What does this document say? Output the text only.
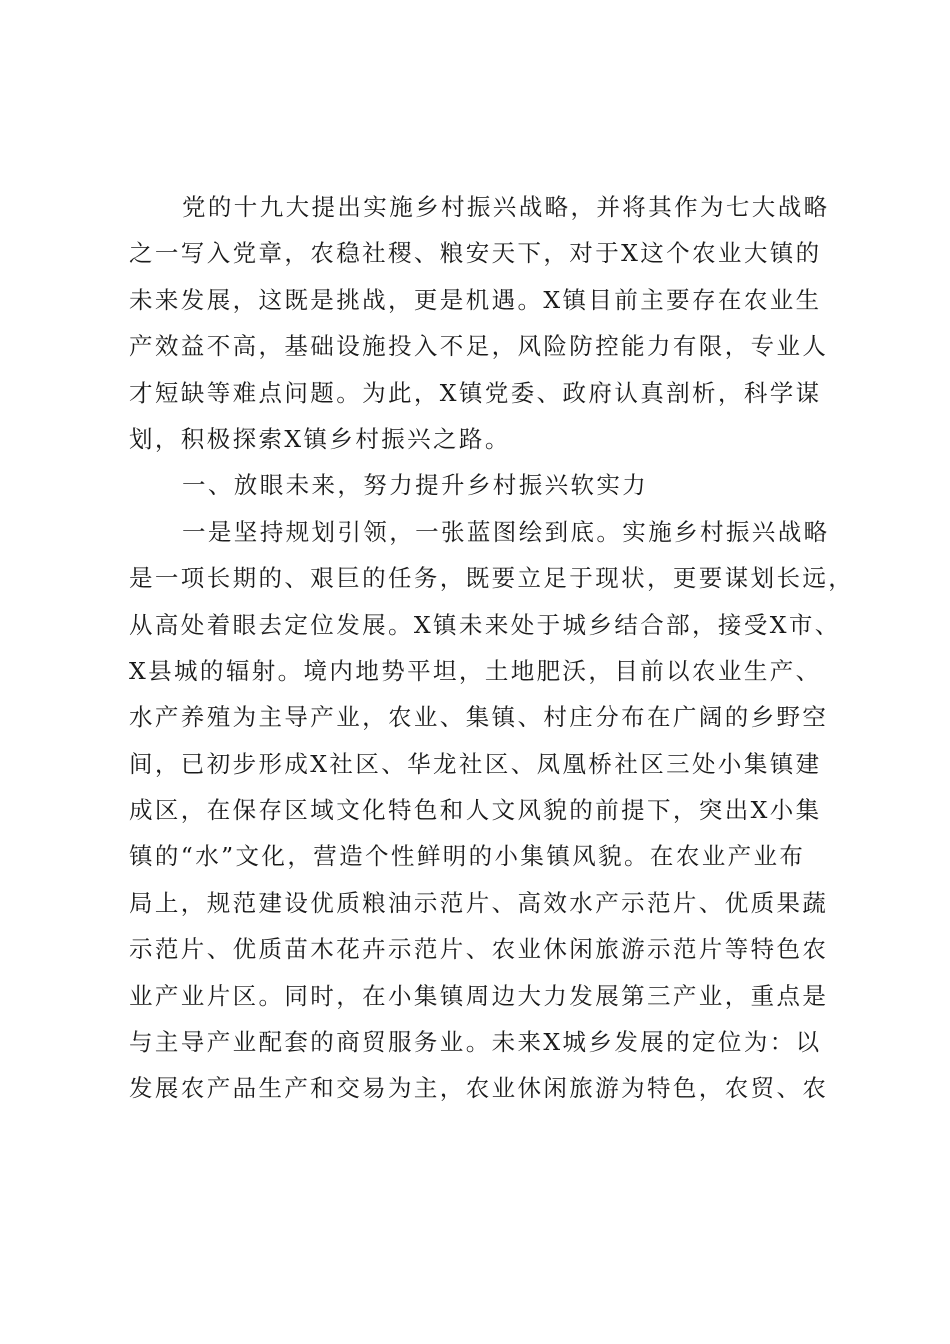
党的十九大提出实施乡村振兴战略，并将其作为七大战略
之一写入党章，农稳社稷、粮安天下，对于X这个农业大镇的
未来发展，这既是挑战，更是机遇。X镇目前主要存在农业生
产效益不高，基础设施投入不足，风险防控能力有限，专业人
才短缺等难点问题。为此，X镇党委、政府认真剖析，科学谋
划，积极探索X镇乡村振兴之路。
一、放眼未来，努力提升乡村振兴软实力
一是坚持规划引领，一张蓝图绘到底。实施乡村振兴战略
是一项长期的、艰巨的任务，既要立足于现状，更要谋划长远，
从高处着眼去定位发展。X镇未来处于城乡结合部，接受X市、
X县城的辐射。境内地势平坦，土地肥沃，目前以农业生产、
水产养殖为主导产业，农业、集镇、村庄分布在广阔的乡野空
间，已初步形成X社区、华龙社区、凤凰桥社区三处小集镇建
成区，在保存区域文化特色和人文风貌的前提下，突出X小集
镇的“水”文化，营造个性鲜明的小集镇风貌。在农业产业布
局上，规范建设优质粮油示范片、高效水产示范片、优质果蔬
示范片、优质苗木花卉示范片、农业休闲旅游示范片等特色农
业产业片区。同时，在小集镇周边大力发展第三产业，重点是
与主导产业配套的商贸服务业。未来X城乡发展的定位为：以
发展农产品生产和交易为主，农业休闲旅游为特色，农贸、农
